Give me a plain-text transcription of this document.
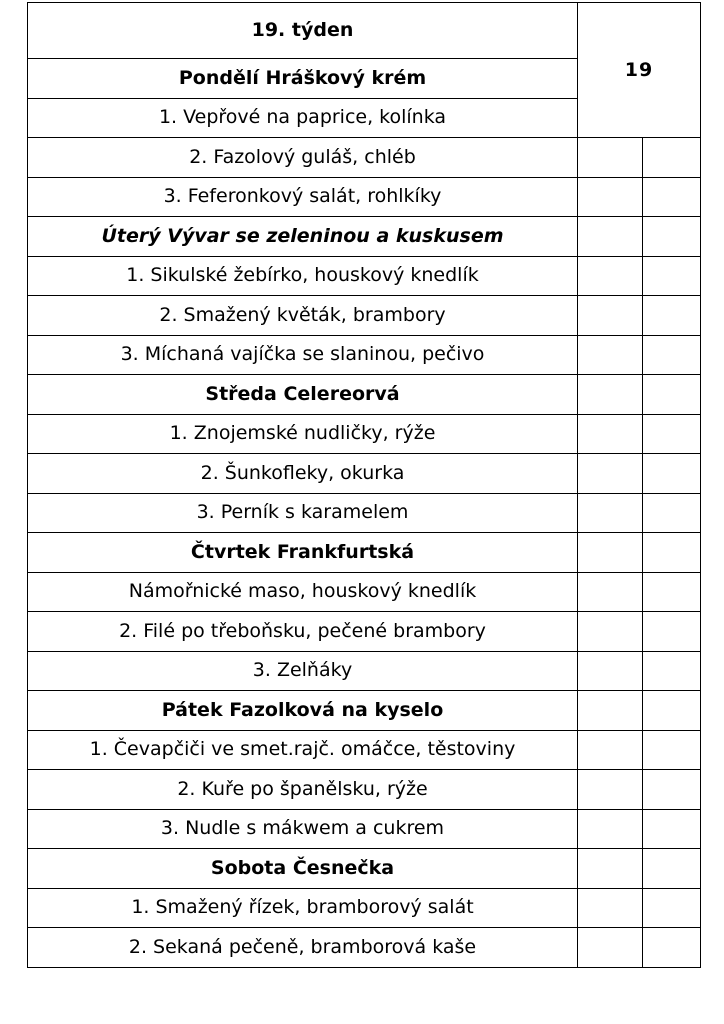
19. týden	19	
Pondělí Hráškový krém		
1. Vepřové na paprice, kolínka		
2. Fazolový guláš, chléb		
3. Feferonkový salát, rohlkíky		
Úterý Vývar se zeleninou a kuskusem		
1. Sikulské žebírko, houskový knedlík		
2. Smažený květák, brambory		
3. Míchaná vajíčka se slaninou, pečivo		
Středa Celereorvá		
1. Znojemské nudličky, rýže		
2. Šunkofleky, okurka		
3. Perník s karamelem		
Čtvrtek Frankfurtská		
Námořnické maso, houskový knedlík		
2. Filé po třeboňsku, pečené brambory		
3. Zelňáky		
Pátek Fazolková na kyselo		
1. Čevapčiči ve smet.rajč. omáčce, těstoviny		
2. Kuře po španělsku, rýže		
3. Nudle s mákwem a cukrem		
Sobota Česnečka		
1. Smažený řízek, bramborový salát		
2. Sekaná pečeně, bramborová kaše		
